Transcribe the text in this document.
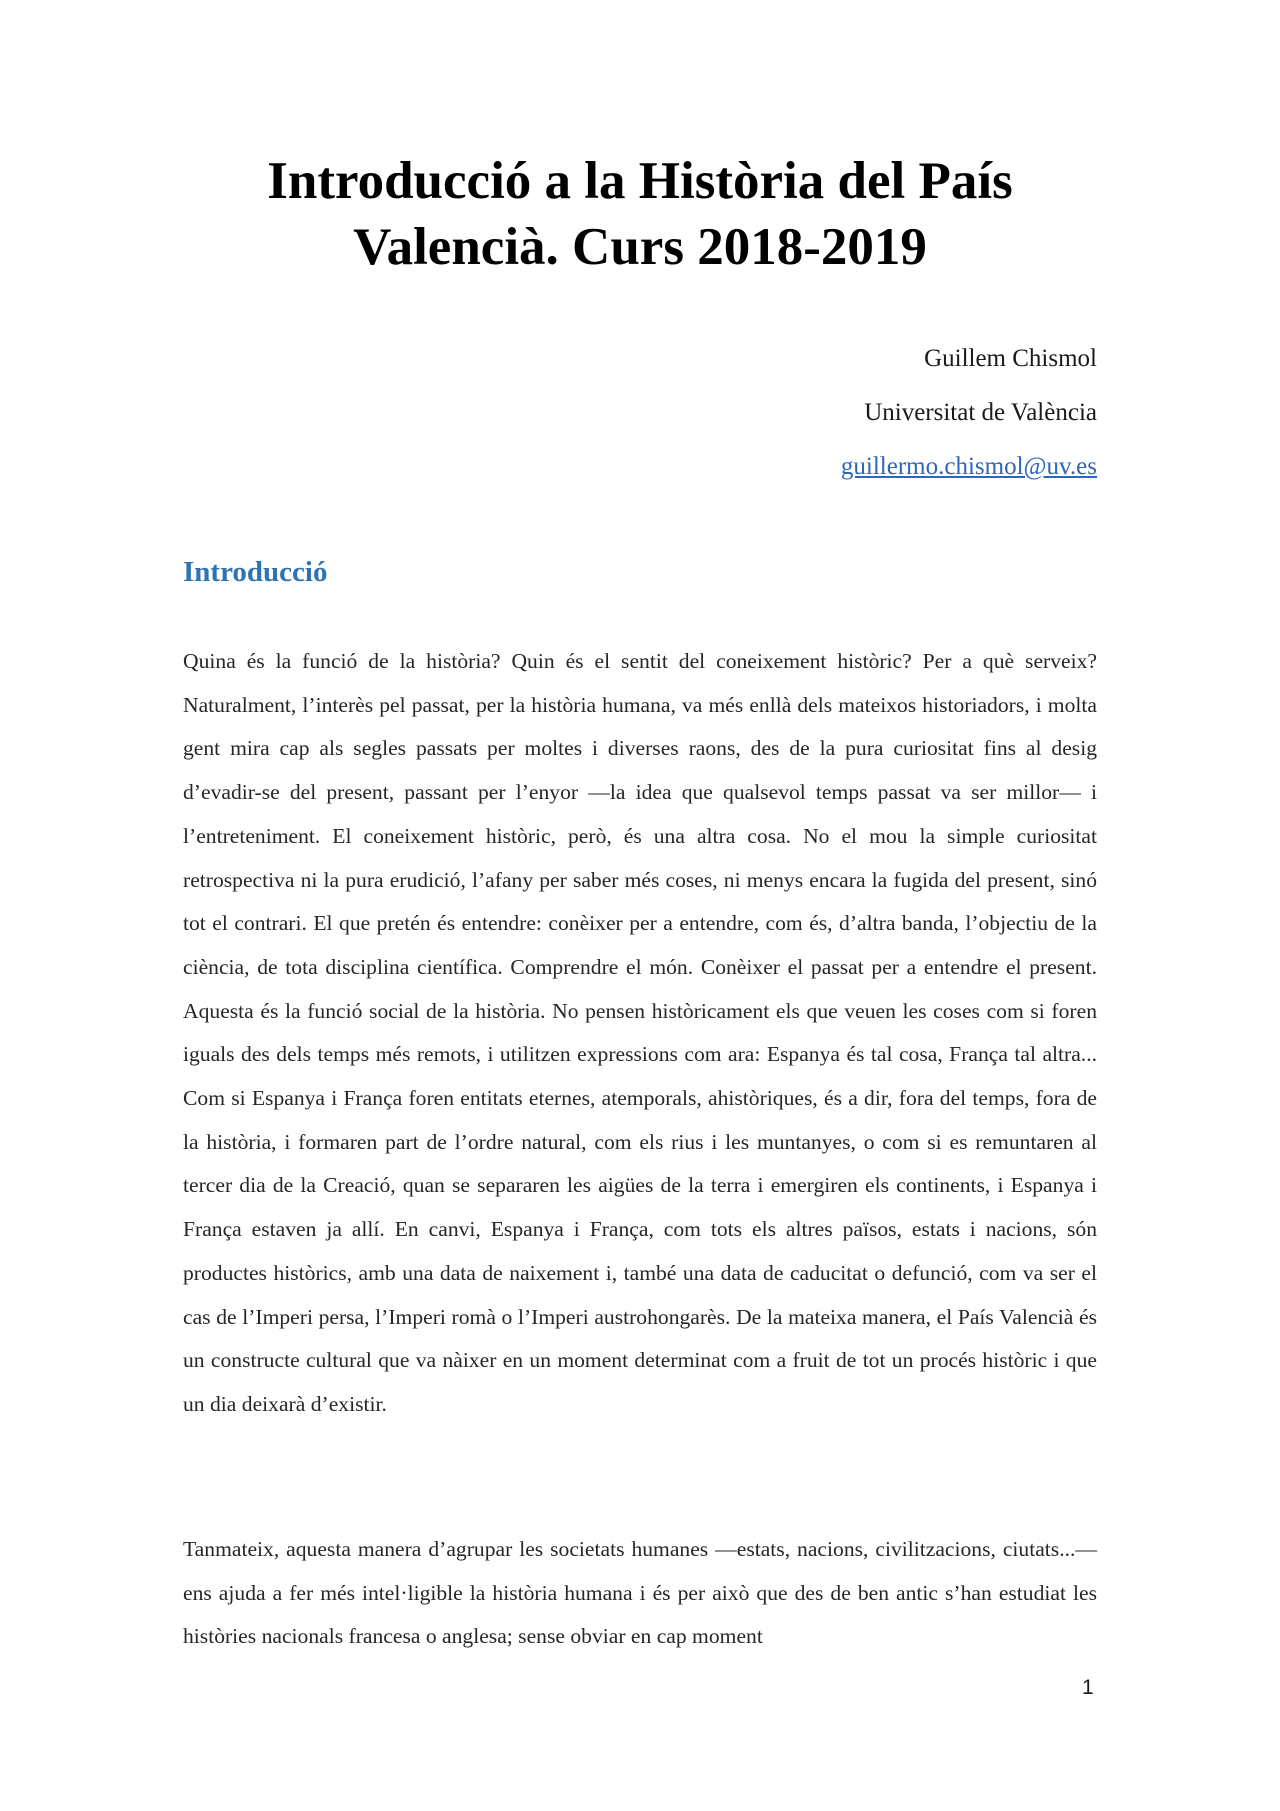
Introducció a la Història del País Valencià. Curs 2018-2019
Guillem Chismol
Universitat de València
guillermo.chismol@uv.es
Introducció

Quina és la funció de la història? Quin és el sentit del coneixement històric? Per a què serveix? Naturalment, l’interès pel passat, per la història humana, va més enllà dels mateixos historiadors, i molta gent mira cap als segles passats per moltes i diverses raons, des de la pura curiositat fins al desig d’evadir-se del present, passant per l’enyor —la idea que qualsevol temps passat va ser millor— i l’entreteniment. El coneixement històric, però, és una altra cosa. No el mou la simple curiositat retrospectiva ni la pura erudició, l’afany per saber més coses, ni menys encara la fugida del present, sinó tot el contrari. El que pretén és entendre: conèixer per a entendre, com és, d’altra banda, l’objectiu de la ciència, de tota disciplina científica. Comprendre el món. Conèixer el passat per a entendre el present. Aquesta és la funció social de la història. No pensen històricament els que veuen les coses com si foren iguals des dels temps més remots, i utilitzen expressions com ara: Espanya és tal cosa, França tal altra... Com si Espanya i França foren entitats eternes, atemporals, ahistòriques, és a dir, fora del temps, fora de la història, i formaren part de l’ordre natural, com els rius i les muntanyes, o com si es remuntaren al tercer dia de la Creació, quan se separaren les aigües de la terra i emergiren els continents, i Espanya i França estaven ja allí. En canvi, Espanya i França, com tots els altres països, estats i nacions, són productes històrics, amb una data de naixement i, també una data de caducitat o defunció, com va ser el cas de l’Imperi persa, l’Imperi romà o l’Imperi austrohongarès. De la mateixa manera, el País Valencià és un constructe cultural que va nàixer en un moment determinat com a fruit de tot un procés històric i que un dia deixarà d’existir.

Tanmateix, aquesta manera d’agrupar les societats humanes —estats, nacions, civilitzacions, ciutats...— ens ajuda a fer més intel·ligible la història humana i és per això que des de ben antic s’han estudiat les històries nacionals francesa o anglesa; sense obviar en cap moment

1
